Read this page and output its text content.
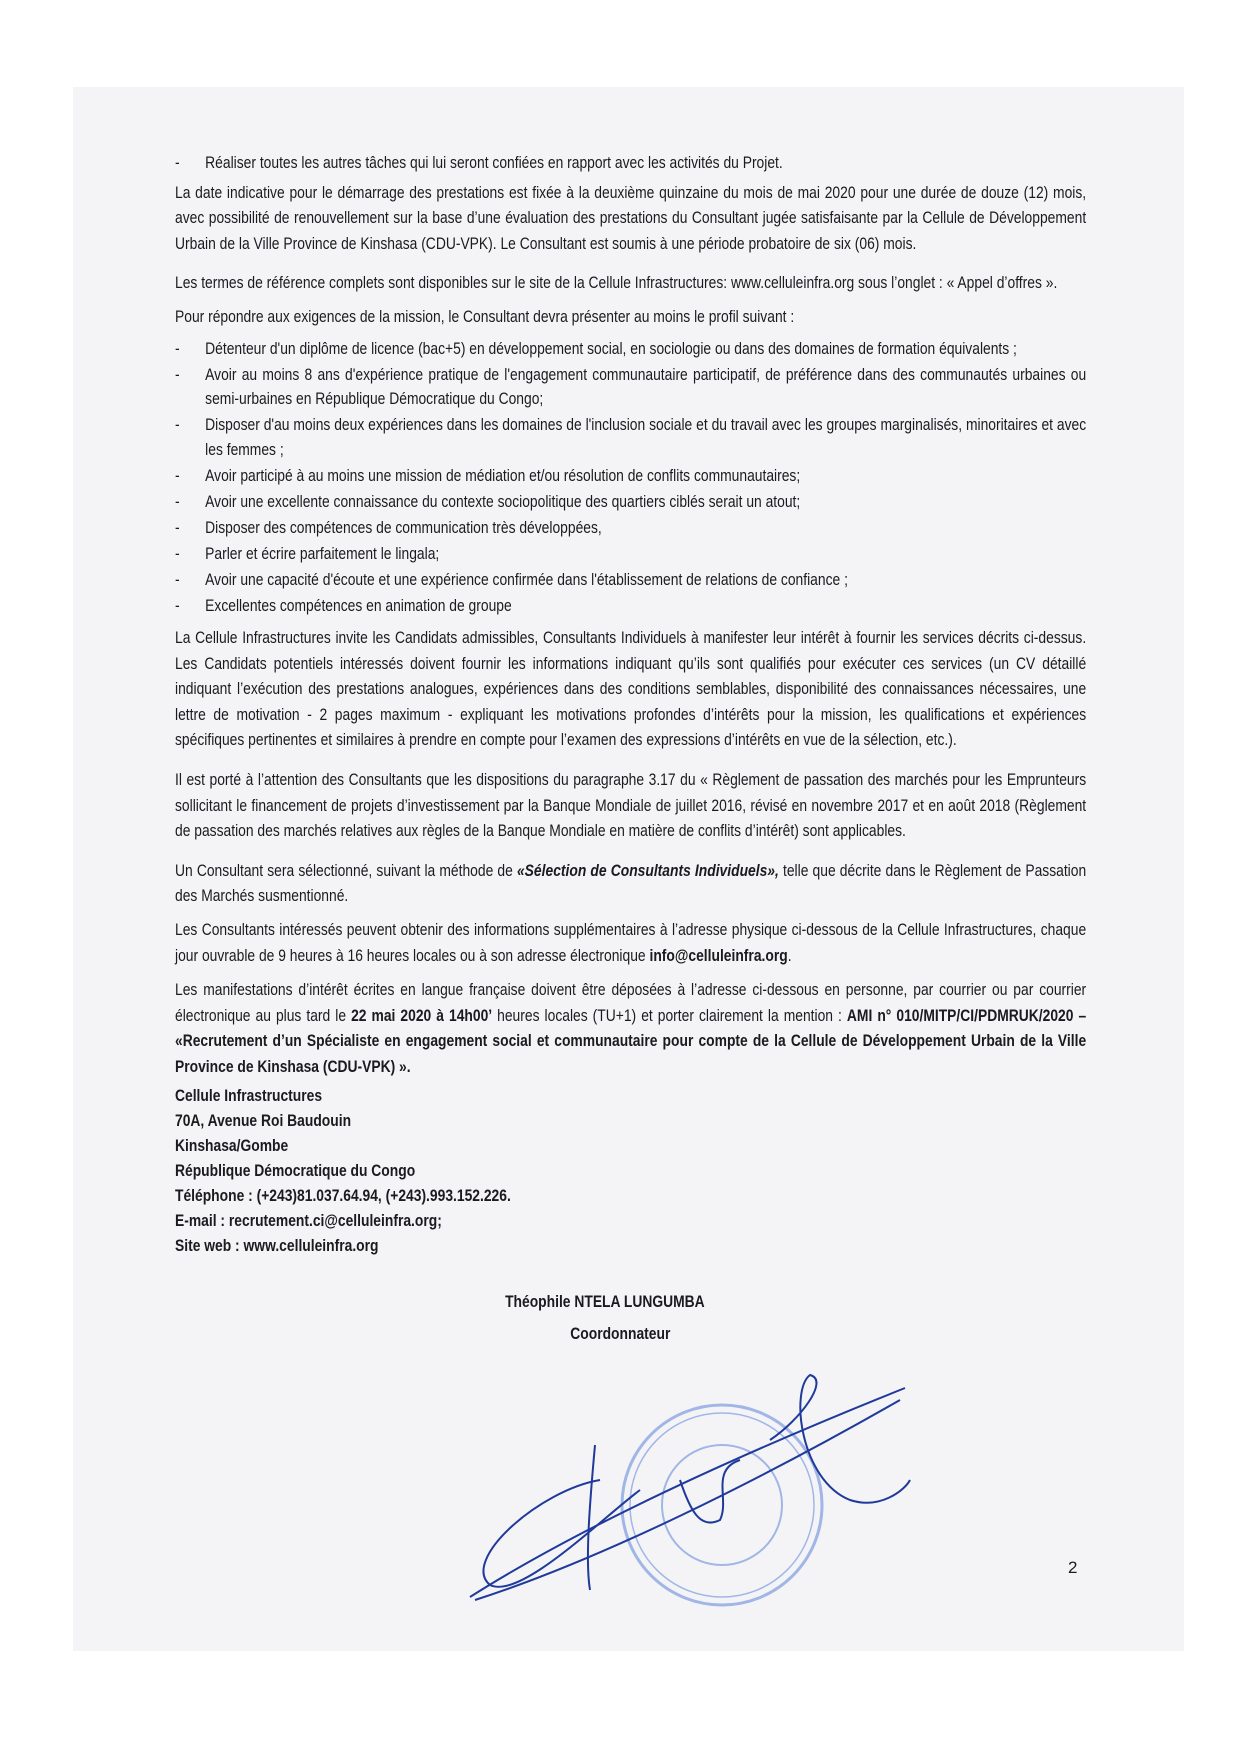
- Réaliser toutes les autres tâches qui lui seront confiées en rapport avec les activités du Projet.
La date indicative pour le démarrage des prestations est fixée à la deuxième quinzaine du mois de mai 2020 pour une durée de douze (12) mois, avec possibilité de renouvellement sur la base d’une évaluation des prestations du Consultant jugée satisfaisante par la Cellule de Développement Urbain de la Ville Province de Kinshasa (CDU-VPK). Le Consultant est soumis à une période probatoire de six (06) mois.
Les termes de référence complets sont disponibles sur le site de la Cellule Infrastructures: www.celluleinfra.org sous l’onglet : « Appel d’offres ».
Pour répondre aux exigences de la mission, le Consultant devra présenter au moins le profil suivant :
- Détenteur d'un diplôme de licence (bac+5) en développement social, en sociologie ou dans des domaines de formation équivalents ;
- Avoir au moins 8 ans d'expérience pratique de l'engagement communautaire participatif, de préférence dans des communautés urbaines ou semi-urbaines en République Démocratique du Congo;
- Disposer d'au moins deux expériences dans les domaines de l'inclusion sociale et du travail avec les groupes marginalisés, minoritaires et avec les femmes ;
- Avoir participé à au moins une mission de médiation et/ou résolution de conflits communautaires;
- Avoir une excellente connaissance du contexte sociopolitique des quartiers ciblés serait un atout;
- Disposer des compétences de communication très développées,
- Parler et écrire parfaitement le lingala;
- Avoir une capacité d'écoute et une expérience confirmée dans l'établissement de relations de confiance ;
- Excellentes compétences en animation de groupe
La Cellule Infrastructures invite les Candidats admissibles, Consultants Individuels à manifester leur intérêt à fournir les services décrits ci-dessus. Les Candidats potentiels intéressés doivent fournir les informations indiquant qu’ils sont qualifiés pour exécuter ces services (un CV détaillé indiquant l’exécution des prestations analogues, expériences dans des conditions semblables, disponibilité des connaissances nécessaires, une lettre de motivation - 2 pages maximum - expliquant les motivations profondes d’intérêts pour la mission, les qualifications et expériences spécifiques pertinentes et similaires à prendre en compte pour l’examen des expressions d’intérêts en vue de la sélection, etc.).
Il est porté à l’attention des Consultants que les dispositions du paragraphe 3.17 du « Règlement de passation des marchés pour les Emprunteurs sollicitant le financement de projets d’investissement par la Banque Mondiale de juillet 2016, révisé en novembre 2017 et en août 2018 (Règlement de passation des marchés relatives aux règles de la Banque Mondiale en matière de conflits d’intérêt) sont applicables.
Un Consultant sera sélectionné, suivant la méthode de «Sélection de Consultants Individuels», telle que décrite dans le Règlement de Passation des Marchés susmentionné.
Les Consultants intéressés peuvent obtenir des informations supplémentaires à l’adresse physique ci-dessous de la Cellule Infrastructures, chaque jour ouvrable de 9 heures à 16 heures locales ou à son adresse électronique info@celluleinfra.org.
Les manifestations d’intérêt écrites en langue française doivent être déposées à l’adresse ci-dessous en personne, par courrier ou par courrier électronique au plus tard le 22 mai 2020 à 14h00’ heures locales (TU+1) et porter clairement la mention : AMI n° 010/MITP/CI/PDMRUK/2020 – «Recrutement d’un Spécialiste en engagement social et communautaire pour compte de la Cellule de Développement Urbain de la Ville Province de Kinshasa (CDU-VPK) ».
Cellule Infrastructures
70A, Avenue Roi Baudouin
Kinshasa/Gombe
République Démocratique du Congo
Téléphone : (+243)81.037.64.94, (+243).993.152.226.
E-mail : recrutement.ci@celluleinfra.org;
Site web : www.celluleinfra.org
Théophile NTELA LUNGUMBA
Coordonnateur
2
